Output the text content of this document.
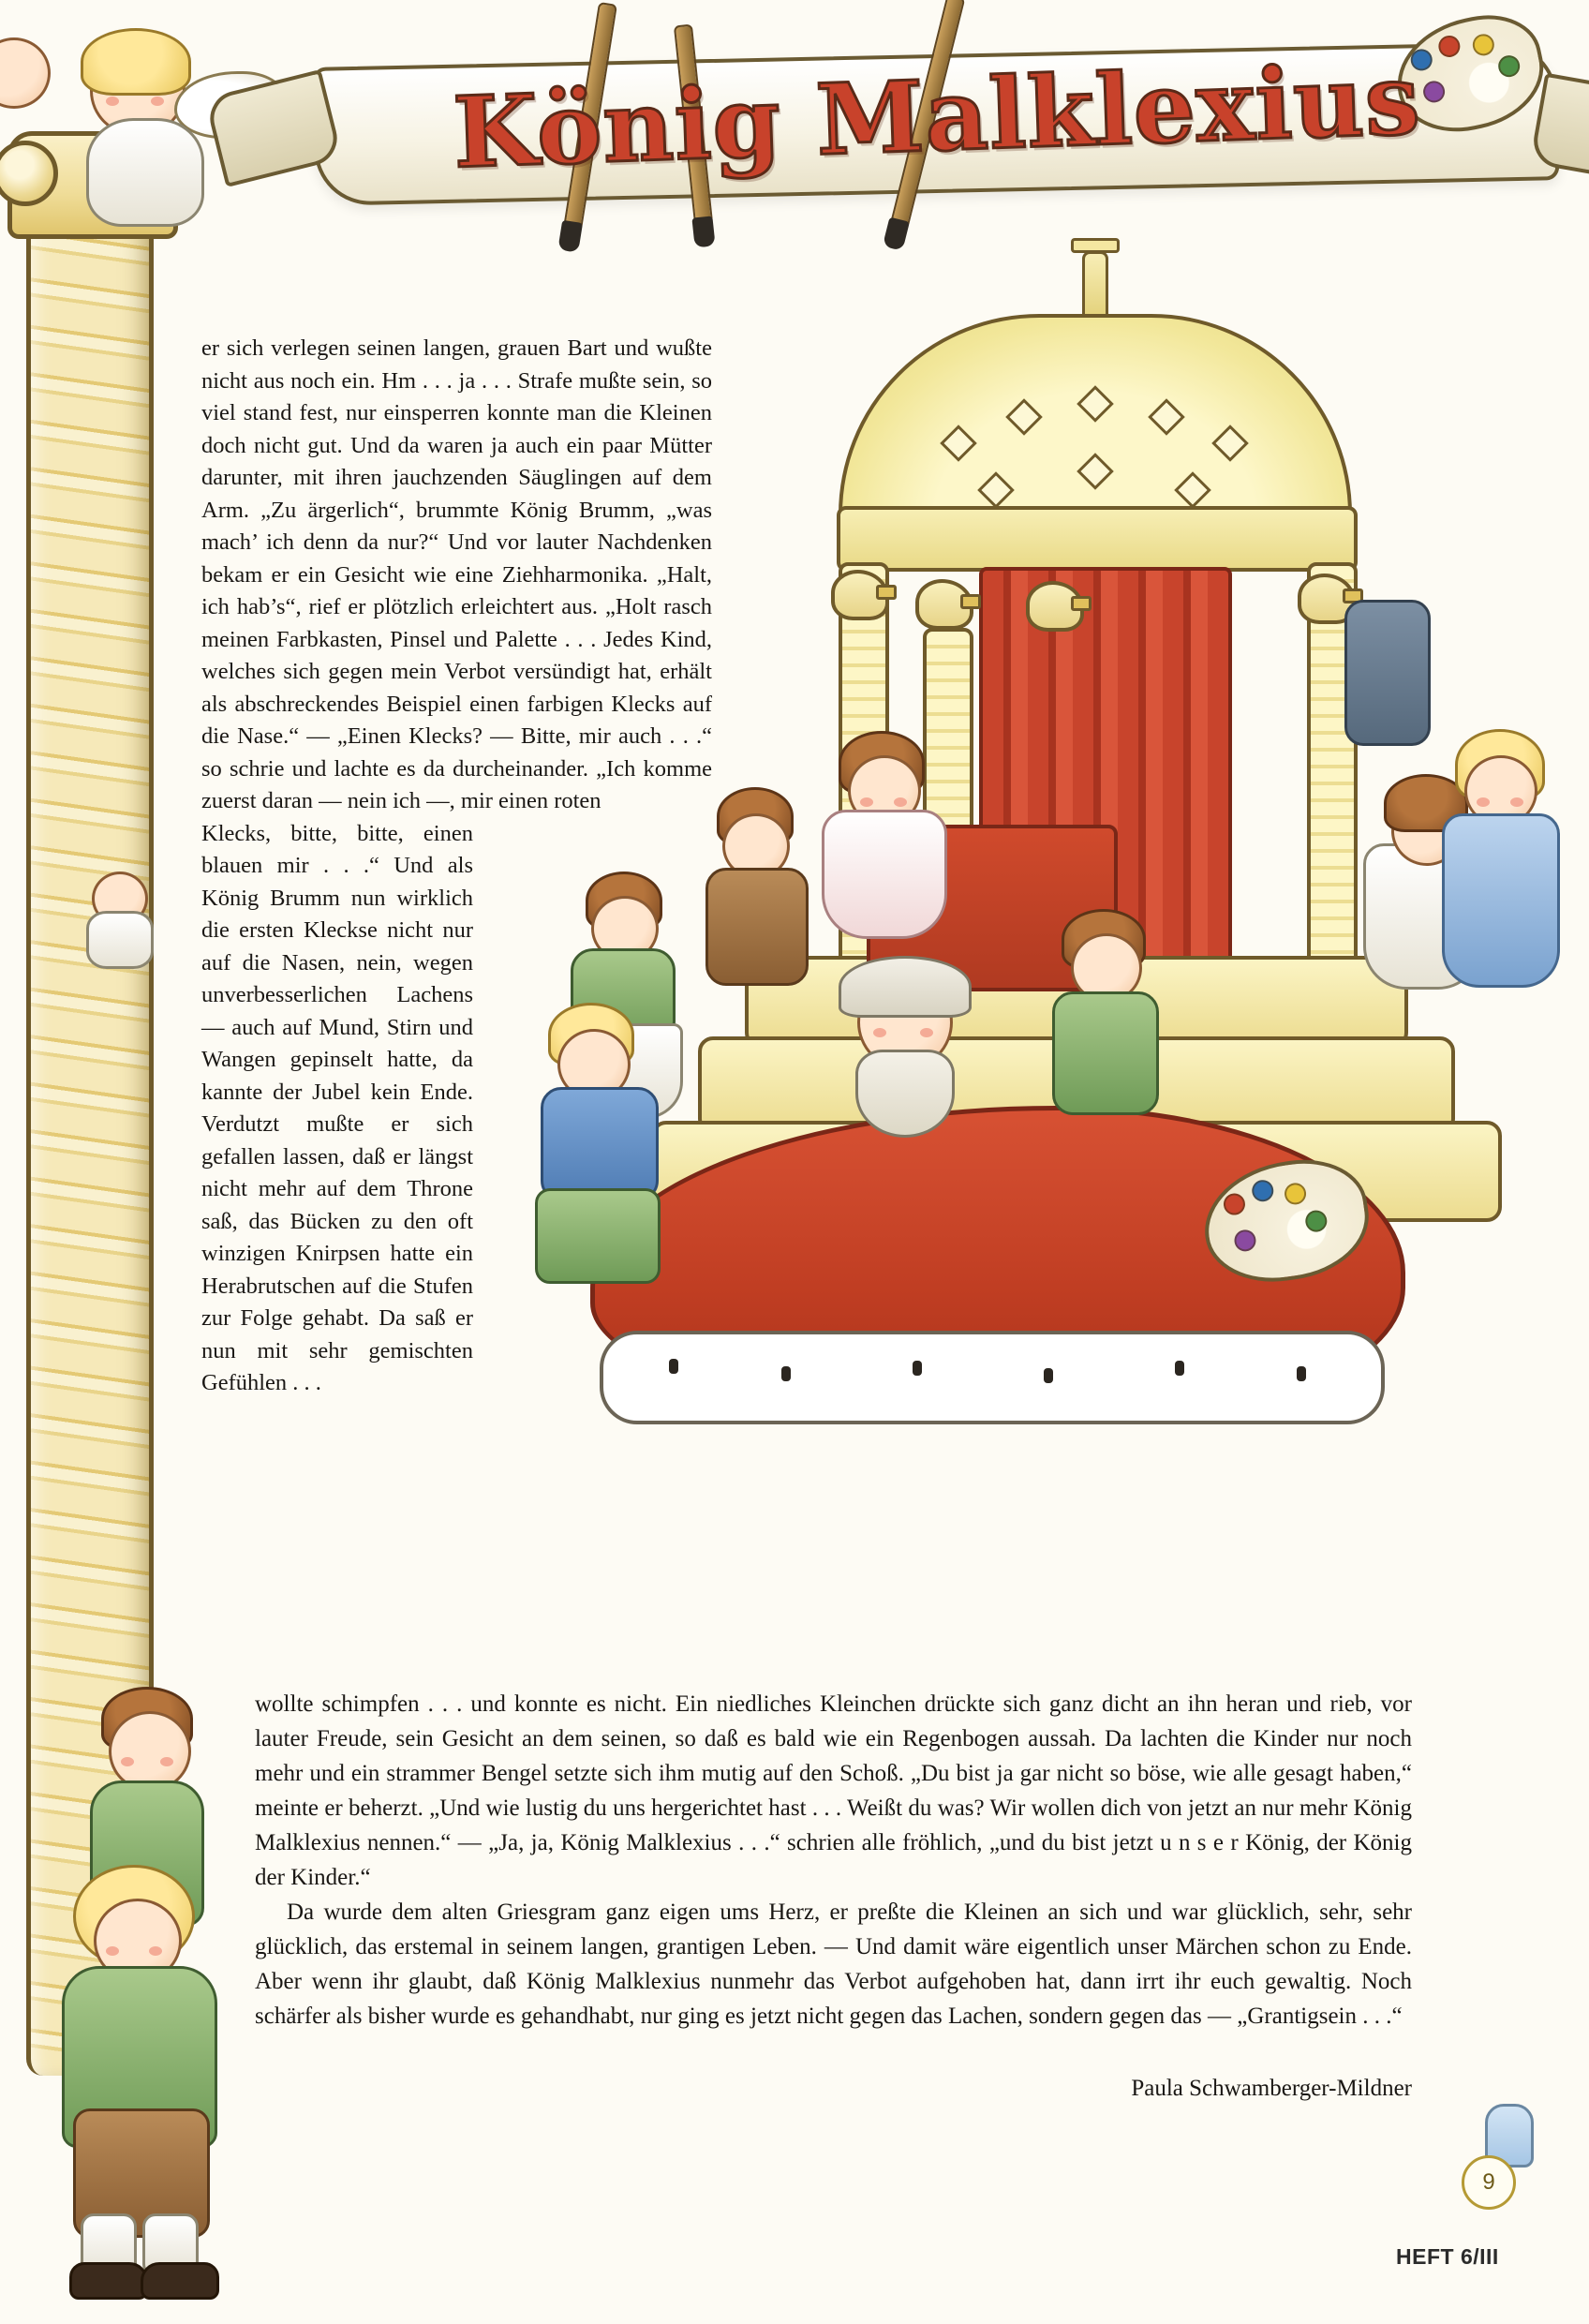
König Malklexius

er sich verlegen seinen langen, grauen Bart und wußte nicht aus noch ein. Hm . . . ja . . . Strafe mußte sein, so viel stand fest, nur einsperren konnte man die Kleinen doch nicht gut. Und da waren ja auch ein paar Mütter darunter, mit ihren jauchzenden Säuglingen auf dem Arm. „Zu ärgerlich“, brummte König Brumm, „was mach’ ich denn da nur?“ Und vor lauter Nachdenken bekam er ein Gesicht wie eine Ziehharmonika. „Halt, ich hab’s“, rief er plötzlich erleichtert aus. „Holt rasch meinen Farbkasten, Pinsel und Palette . . . Jedes Kind, welches sich gegen mein Verbot versündigt hat, erhält als abschreckendes Beispiel einen farbigen Klecks auf die Nase.“ — „Einen Klecks? — Bitte, mir auch . . .“ so schrie und lachte es da durcheinander. „Ich komme zuerst daran — nein ich —, mir einen roten

Klecks, bitte, bitte, einen blauen mir . . .“ Und als König Brumm nun wirklich die ersten Kleckse nicht nur auf die Nasen, nein, wegen unverbesserlichen Lachens — auch auf Mund, Stirn und Wangen gepinselt hatte, da kannte der Jubel kein Ende. Verdutzt mußte er sich gefallen lassen, daß er längst nicht mehr auf dem Throne saß, das Bücken zu den oft winzigen Knirpsen hatte ein Herabrutschen auf die Stufen zur Folge gehabt. Da saß er nun mit sehr gemischten Gefühlen . . .

wollte schimpfen . . . und konnte es nicht. Ein niedliches Kleinchen drückte sich ganz dicht an ihn heran und rieb, vor lauter Freude, sein Gesicht an dem seinen, so daß es bald wie ein Regenbogen aussah. Da lachten die Kinder nur noch mehr und ein strammer Bengel setzte sich ihm mutig auf den Schoß. „Du bist ja gar nicht so böse, wie alle gesagt haben,“ meinte er beherzt. „Und wie lustig du uns hergerichtet hast . . . Weißt du was? Wir wollen dich von jetzt an nur mehr König Malklexius nennen.“ — „Ja, ja, König Malklexius . . .“ schrien alle fröhlich, „und du bist jetzt u n s e r König, der König der Kinder.“

Da wurde dem alten Griesgram ganz eigen ums Herz, er preßte die Kleinen an sich und war glücklich, sehr, sehr glücklich, das erstemal in seinem langen, grantigen Leben. — Und damit wäre eigentlich unser Märchen schon zu Ende. Aber wenn ihr glaubt, daß König Malklexius nunmehr das Verbot aufgehoben hat, dann irrt ihr euch gewaltig. Noch schärfer als bisher wurde es gehandhabt, nur ging es jetzt nicht gegen das Lachen, sondern gegen das — „Grantigsein . . .“

Paula Schwamberger-Mildner
9
HEFT 6/III
